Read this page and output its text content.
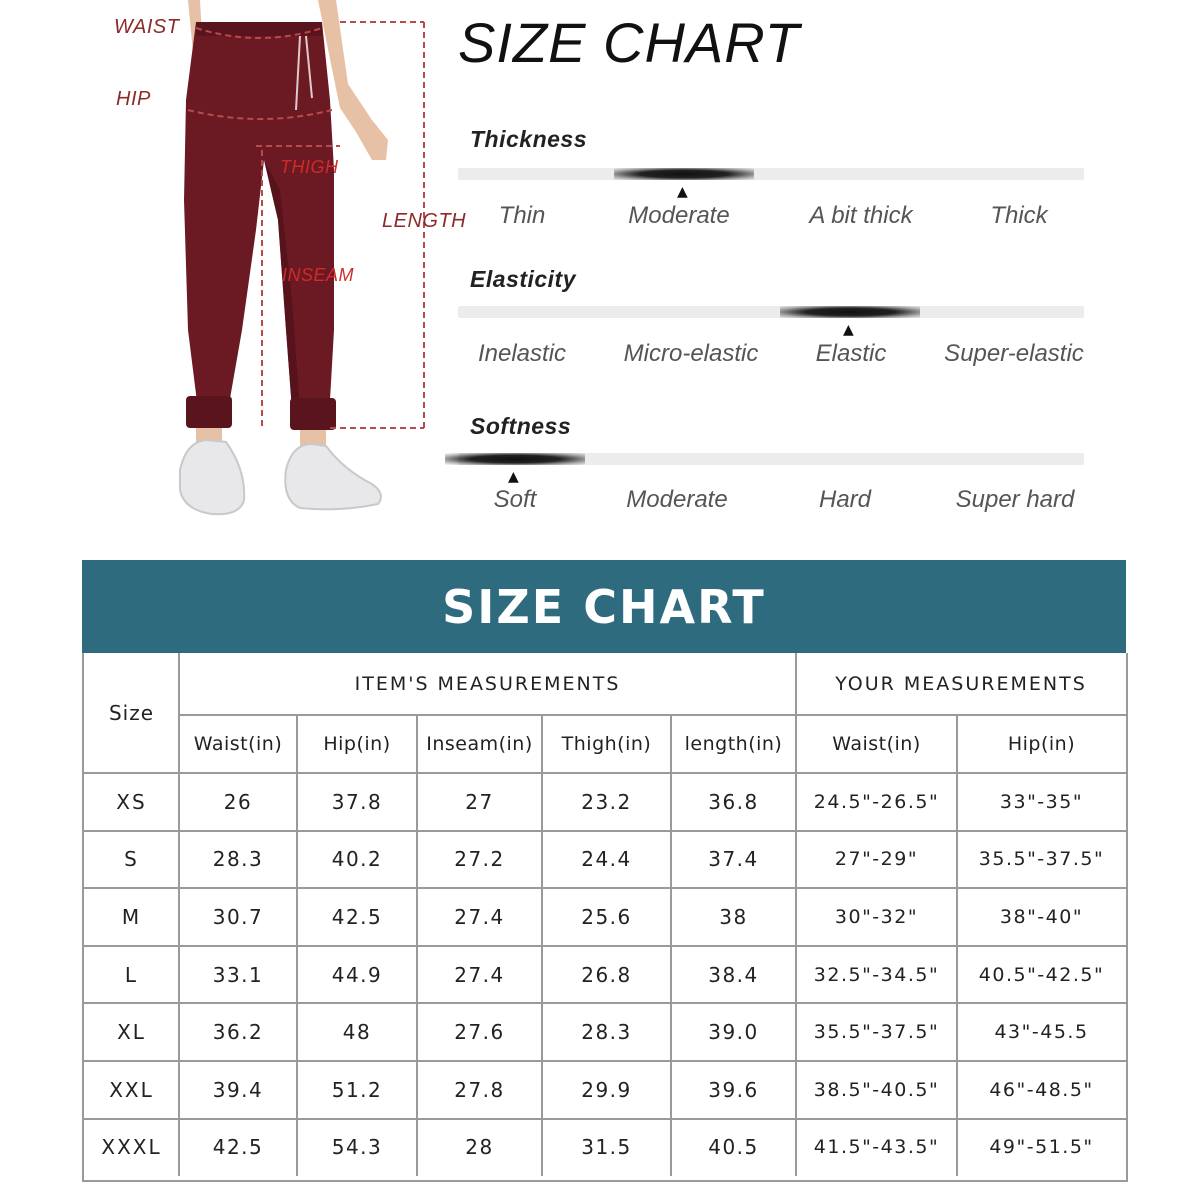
WAIST
HIP
THIGH
LENGTH
INSEAM
SIZE CHART
Thickness
▲
Thin	Moderate	A bit thick	Thick
Elasticity
▲
Inelastic Micro-elastic Elastic Super-elastic
Softness
▲
Soft	Moderate	Hard	Super hard
SIZE CHART
Size
ITEM'S MEASUREMENTS	YOUR MEASUREMENTS
Waist(in)	Hip(in)	Inseam(in)	Thigh(in)	length(in)	Waist(in)	Hip(in)
XS	26	37.8	27	23.2	36.8	24.5"-26.5"	33"-35"
S	28.3	40.2	27.2	24.4	37.4	27"-29"	35.5"-37.5"
M	30.7	42.5	27.4	25.6	38	30"-32"	38"-40"
L	33.1	44.9	27.4	26.8	38.4	32.5"-34.5"	40.5"-42.5"
XL	36.2	48	27.6	28.3	39.0	35.5"-37.5"	43"-45.5
XXL	39.4	51.2	27.8	29.9	39.6	38.5"-40.5"	46"-48.5"
XXXL	42.5	54.3	28	31.5	40.5	41.5"-43.5"	49"-51.5"
